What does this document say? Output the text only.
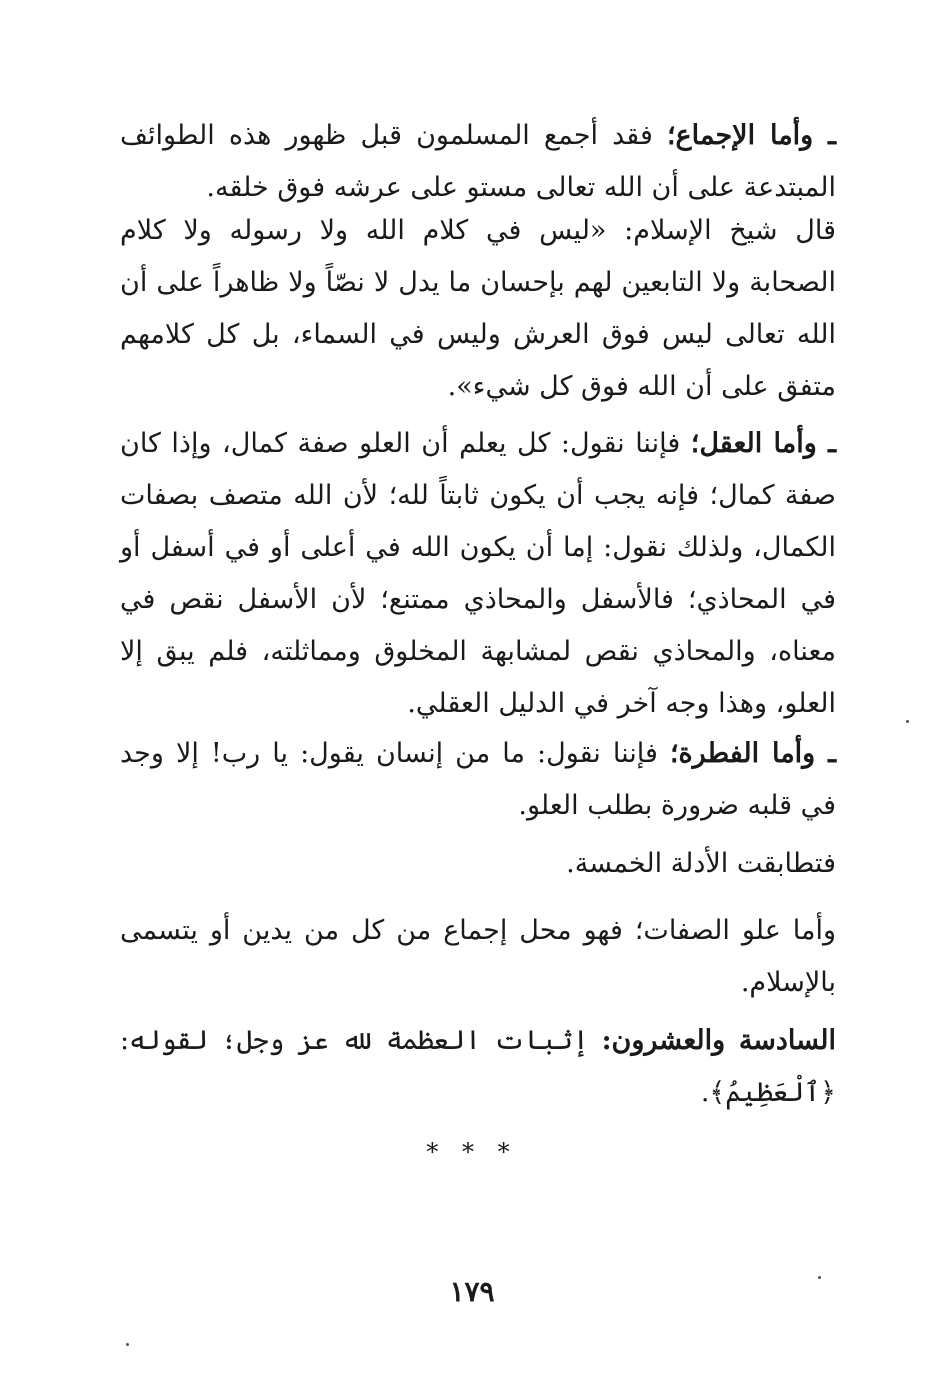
ـ وأما الإجماع؛ فقد أجمع المسلمون قبل ظهور هذه الطوائف المبتدعة على أن الله تعالى مستو على عرشه فوق خلقه.

قال شيخ الإسلام: «ليس في كلام الله ولا رسوله ولا كلام الصحابة ولا التابعين لهم بإحسان ما يدل لا نصّاً ولا ظاهراً على أن الله تعالى ليس فوق العرش وليس في السماء، بل كل كلامهم متفق على أن الله فوق كل شيء».

ـ وأما العقل؛ فإننا نقول: كل يعلم أن العلو صفة كمال، وإذا كان صفة كمال؛ فإنه يجب أن يكون ثابتاً لله؛ لأن الله متصف بصفات الكمال، ولذلك نقول: إما أن يكون الله في أعلى أو في أسفل أو في المحاذي؛ فالأسفل والمحاذي ممتنع؛ لأن الأسفل نقص في معناه، والمحاذي نقص لمشابهة المخلوق ومماثلته، فلم يبق إلا العلو، وهذا وجه آخر في الدليل العقلي.

ـ وأما الفطرة؛ فإننا نقول: ما من إنسان يقول: يا رب! إلا وجد في قلبه ضرورة بطلب العلو.

فتطابقت الأدلة الخمسة.

وأما علو الصفات؛ فهو محل إجماع من كل من يدين أو يتسمى بالإسلام.

السادسة والعشرون: إثبات العظمة لله عز وجل؛ لقوله: ﴿ٱلْعَظِيمُ﴾.

* * *
١٧٩
